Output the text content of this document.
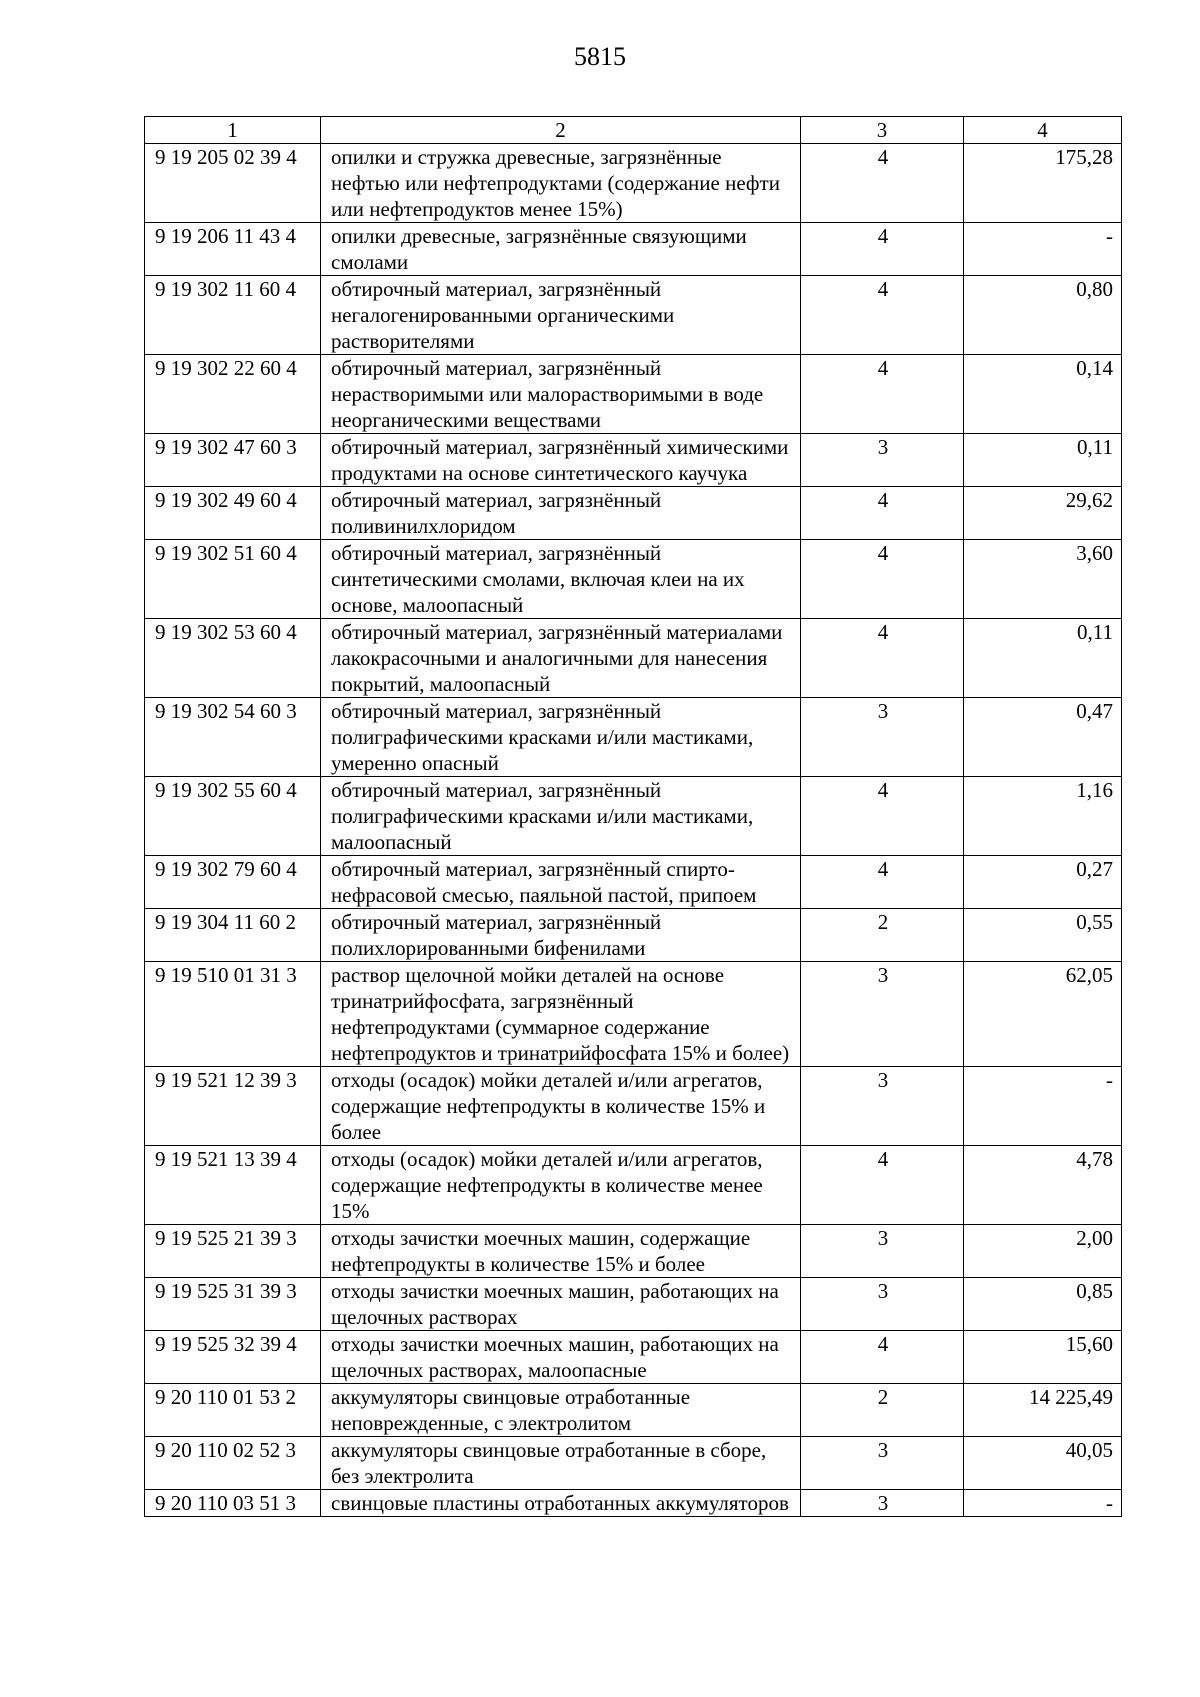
5815
1	2	3	4
9 19 205 02 39 4	опилки и стружка древесные, загрязнённые нефтью или нефтепродуктами (содержание нефти или нефтепродуктов менее 15%)	4	175,28
9 19 206 11 43 4	опилки древесные, загрязнённые связующими смолами	4	-
9 19 302 11 60 4	обтирочный материал, загрязнённый негалогенированными органическими растворителями	4	0,80
9 19 302 22 60 4	обтирочный материал, загрязнённый нерастворимыми или малорастворимыми в воде неорганическими веществами	4	0,14
9 19 302 47 60 3	обтирочный материал, загрязнённый химическими продуктами на основе синтетического каучука	3	0,11
9 19 302 49 60 4	обтирочный материал, загрязнённый поливинилхлоридом	4	29,62
9 19 302 51 60 4	обтирочный материал, загрязнённый синтетическими смолами, включая клеи на их основе, малоопасный	4	3,60
9 19 302 53 60 4	обтирочный материал, загрязнённый материалами лакокрасочными и аналогичными для нанесения покрытий, малоопасный	4	0,11
9 19 302 54 60 3	обтирочный материал, загрязнённый полиграфическими красками и/или мастиками, умеренно опасный	3	0,47
9 19 302 55 60 4	обтирочный материал, загрязнённый полиграфическими красками и/или мастиками, малоопасный	4	1,16
9 19 302 79 60 4	обтирочный материал, загрязнённый спирто-нефрасовой смесью, паяльной пастой, припоем	4	0,27
9 19 304 11 60 2	обтирочный материал, загрязнённый полихлорированными бифенилами	2	0,55
9 19 510 01 31 3	раствор щелочной мойки деталей на основе тринатрийфосфата, загрязнённый нефтепродуктами (суммарное содержание нефтепродуктов и тринатрийфосфата 15% и более)	3	62,05
9 19 521 12 39 3	отходы (осадок) мойки деталей и/или агрегатов, содержащие нефтепродукты в количестве 15% и более	3	-
9 19 521 13 39 4	отходы (осадок) мойки деталей и/или агрегатов, содержащие нефтепродукты в количестве менее 15%	4	4,78
9 19 525 21 39 3	отходы зачистки моечных машин, содержащие нефтепродукты в количестве 15% и более	3	2,00
9 19 525 31 39 3	отходы зачистки моечных машин, работающих на щелочных растворах	3	0,85
9 19 525 32 39 4	отходы зачистки моечных машин, работающих на щелочных растворах, малоопасные	4	15,60
9 20 110 01 53 2	аккумуляторы свинцовые отработанные неповрежденные, с электролитом	2	14 225,49
9 20 110 02 52 3	аккумуляторы свинцовые отработанные в сборе, без электролита	3	40,05
9 20 110 03 51 3	свинцовые пластины отработанных аккумуляторов	3	-
